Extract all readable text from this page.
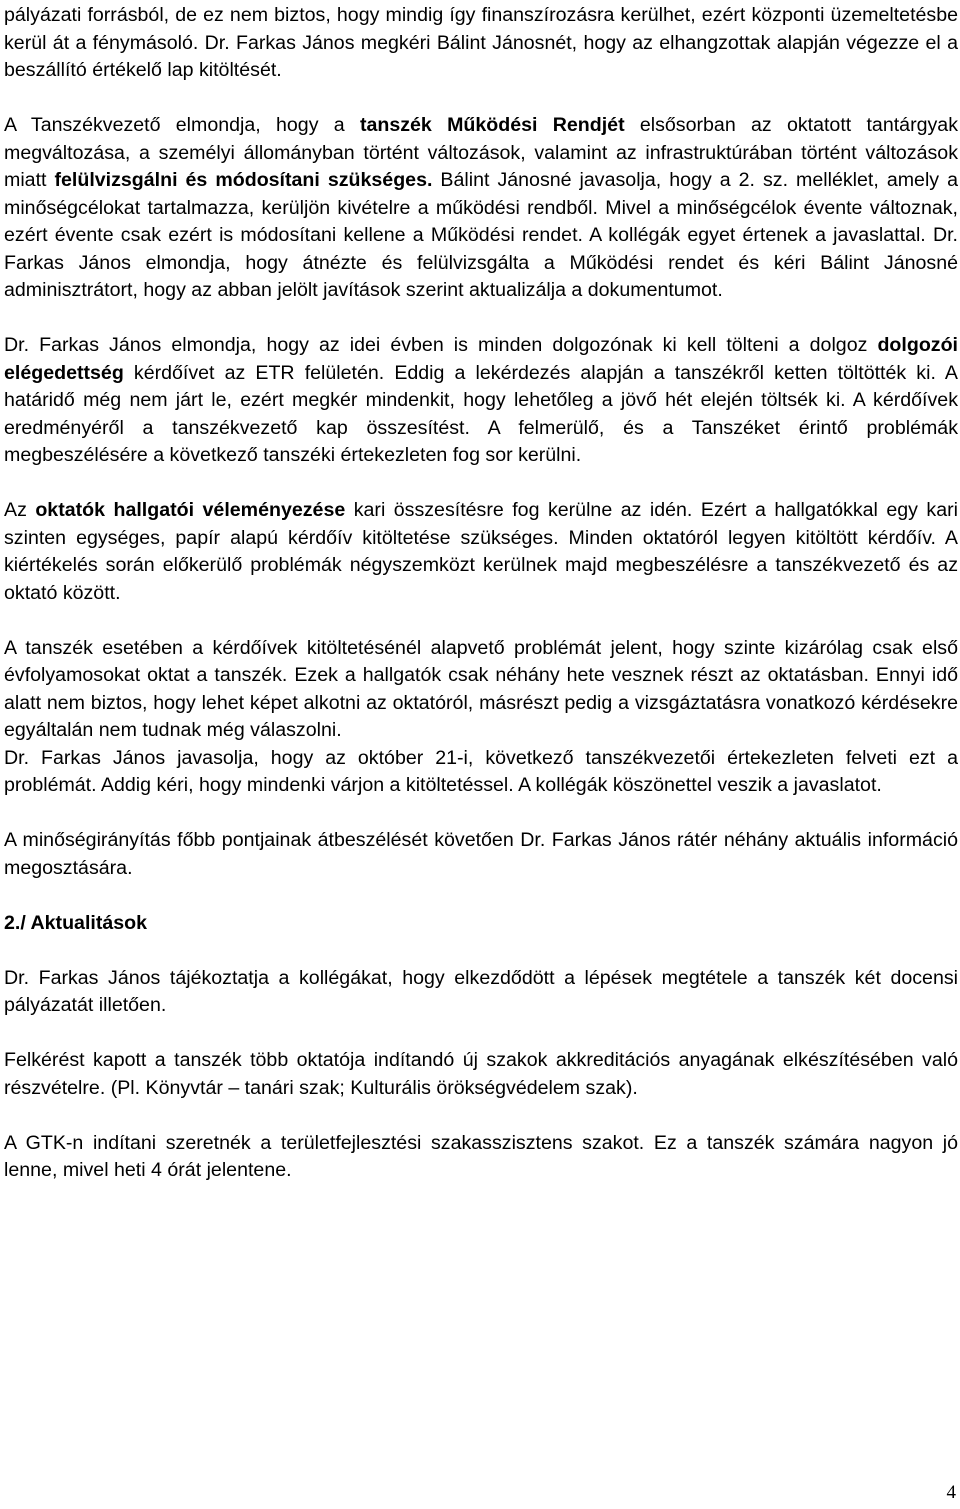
pályázati forrásból, de ez nem biztos, hogy mindig így finanszírozásra kerülhet, ezért központi üzemeltetésbe kerül át a fénymásoló. Dr. Farkas János megkéri Bálint Jánosnét, hogy az elhangzottak alapján végezze el a beszállító értékelő lap kitöltését.

A Tanszékvezető elmondja, hogy a tanszék Működési Rendjét elsősorban az oktatott tantárgyak megváltozása, a személyi állományban történt változások, valamint az infrastruktúrában történt változások miatt felülvizsgálni és módosítani szükséges. Bálint Jánosné javasolja, hogy a 2. sz. melléklet, amely a minőségcélokat tartalmazza, kerüljön kivételre a működési rendből. Mivel a minőségcélok évente változnak, ezért évente csak ezért is módosítani kellene a Működési rendet. A kollégák egyet értenek a javaslattal. Dr. Farkas János elmondja, hogy átnézte és felülvizsgálta a Működési rendet és kéri Bálint Jánosné adminisztrátort, hogy az abban jelölt javítások szerint aktualizálja a dokumentumot.

Dr. Farkas János elmondja, hogy az idei évben is minden dolgozónak ki kell tölteni a dolgoz dolgozói elégedettség kérdőívet az ETR felületén. Eddig a lekérdezés alapján a tanszékről ketten töltötték ki. A határidő még nem járt le, ezért megkér mindenkit, hogy lehetőleg a jövő hét elején töltsék ki. A kérdőívek eredményéről a tanszékvezető kap összesítést. A felmerülő, és a Tanszéket érintő problémák megbeszélésére a következő tanszéki értekezleten fog sor kerülni.

Az oktatók hallgatói véleményezése kari összesítésre fog kerülne az idén. Ezért a hallgatókkal egy kari szinten egységes, papír alapú kérdőív kitöltetése szükséges. Minden oktatóról legyen kitöltött kérdőív. A kiértékelés során előkerülő problémák négyszemközt kerülnek majd megbeszélésre a tanszékvezető és az oktató között.

A tanszék esetében a kérdőívek kitöltetésénél alapvető problémát jelent, hogy szinte kizárólag csak első évfolyamosokat oktat a tanszék. Ezek a hallgatók csak néhány hete vesznek részt az oktatásban. Ennyi idő alatt nem biztos, hogy lehet képet alkotni az oktatóról, másrészt pedig a vizsgáztatásra vonatkozó kérdésekre egyáltalán nem tudnak még válaszolni.

Dr. Farkas János javasolja, hogy az október 21-i, következő tanszékvezetői értekezleten felveti ezt a problémát. Addig kéri, hogy mindenki várjon a kitöltetéssel. A kollégák köszönettel veszik a javaslatot.

A minőségirányítás főbb pontjainak átbeszélését követően Dr. Farkas János rátér néhány aktuális információ megosztására.

2./ Aktualitások

Dr. Farkas János tájékoztatja a kollégákat, hogy elkezdődött a lépések megtétele a tanszék két docensi pályázatát illetően.

Felkérést kapott a tanszék több oktatója indítandó új szakok akkreditációs anyagának elkészítésében való részvételre. (Pl. Könyvtár – tanári szak; Kulturális örökségvédelem szak).

A GTK-n indítani szeretnék a területfejlesztési szakasszisztens szakot. Ez a tanszék számára nagyon jó lenne, mivel heti 4 órát jelentene.

4
